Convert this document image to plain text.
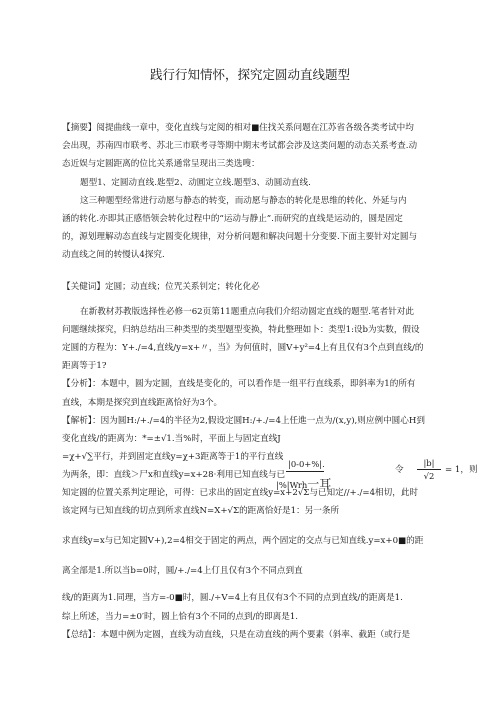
践行行知情怀，探究定圆动直线题型
【摘要】阅提曲线一章中，变化直线与定阅的相对■住找关系问题在江苏省各级各类考试中均
会出现，苏南四市联考、苏北三市联考寻等期中期末考试都会涉及这类问题的动态关系考查.动
态近娱与定圆距离的位比关系通常呈现出三类选嗖：
题型1、定圆动直线.匙型2、动圓定立线.题型3、动圆动直线.
这三种题型经常进行动愿与静态的转变，而动愿与静态的转化是思维的转化、外延与内
涵的转化.亦即其正感悟领会转化过程中的“运动与静止”.而研究的直线是运动的，圆是固定
的，源划理解动态直线与定圆变化规律，对分析问题和解决问题十分变要.下面主要针对定圆与
动直线之间的转慢认4探究.
【关健词】定圆；动直线；位咒关系钊定；转化化必
在新教材苏教版选择性必修一62页第11题重点向我们介绍动圆定直线的题型.笔者针对此
问题继续探究，归纳总结出三种类型的类型题型变换，特此整理如卜：类型1:设b为实数，假设
定圆的方程为：Y+./=4,直线/y=x+〃，当》为何值时，圆V+y²=4上有且仅有3个点到直线/的
距离等于1?
【分析】：本题中，圆为定圆，直线是变化的，可以看作是一组平行直线系，即斜率为1的所有
直线，本期是探究到直线距离恰好为3个。
【解析】：因为圆H:/+./=4的半径为2,假设定圆H:/+./=4上任進一点为/(x,y),则应例中圆心H到
变化直线/的距离为：*=±√1.当%时，平面上与固定直线J
=χ+√∑平行，并到固定直线y=χ+3距离等于1的平行直线
为两条，即：直线＞尸x和直线y=x+28·利用已知直线与已
|0-0+%|.
|%|Wrh一耳
令
|b|
√2
= 1，则
知定圆的位置关系判定理论，可得：已求出的固定直线y=x+2√Σ与已知定//+./=4相切，此时
该定网与已知直线的切点到所求直线N=X+√Σ的距离恰好是1：另一条所
求直线y=x与已知定圆V+),2=4相交于固定的两点，两个固定的交点与已知直线.y=x+0■的距
离全部是1.所以当b=0时，圆/+./=4上仃且仅有3个不同点到直
线/的距离为1.同理，当方=-0■时，圆./÷V=4上有且仅有3个不同的点到直线/的距离是1.
综上所述，当力=±0′时，圆上恰有3个不同的点到/的即离是1.
【总结】：本题中例为定圆，直线为动直线，只是在动直线的两个要素（斜率、截距（或行是
